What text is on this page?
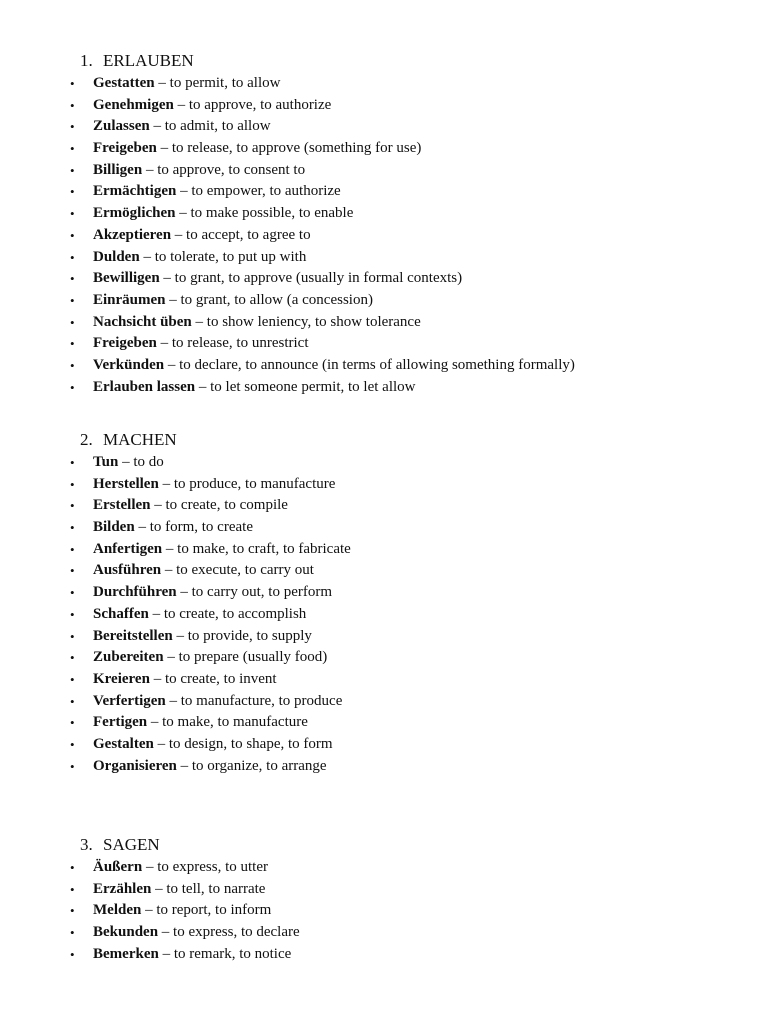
1. ERLAUBEN
• Gestatten – to permit, to allow
• Genehmigen – to approve, to authorize
• Zulassen – to admit, to allow
• Freigeben – to release, to approve (something for use)
• Billigen – to approve, to consent to
• Ermächtigen – to empower, to authorize
• Ermöglichen – to make possible, to enable
• Akzeptieren – to accept, to agree to
• Dulden – to tolerate, to put up with
• Bewilligen – to grant, to approve (usually in formal contexts)
• Einräumen – to grant, to allow (a concession)
• Nachsicht üben – to show leniency, to show tolerance
• Freigeben – to release, to unrestrict
• Verkünden – to declare, to announce (in terms of allowing something formally)
• Erlauben lassen – to let someone permit, to let allow
2. MACHEN
• Tun – to do
• Herstellen – to produce, to manufacture
• Erstellen – to create, to compile
• Bilden – to form, to create
• Anfertigen – to make, to craft, to fabricate
• Ausführen – to execute, to carry out
• Durchführen – to carry out, to perform
• Schaffen – to create, to accomplish
• Bereitstellen – to provide, to supply
• Zubereiten – to prepare (usually food)
• Kreieren – to create, to invent
• Verfertigen – to manufacture, to produce
• Fertigen – to make, to manufacture
• Gestalten – to design, to shape, to form
• Organisieren – to organize, to arrange
3. SAGEN
• Äußern – to express, to utter
• Erzählen – to tell, to narrate
• Melden – to report, to inform
• Bekunden – to express, to declare
• Bemerken – to remark, to notice
